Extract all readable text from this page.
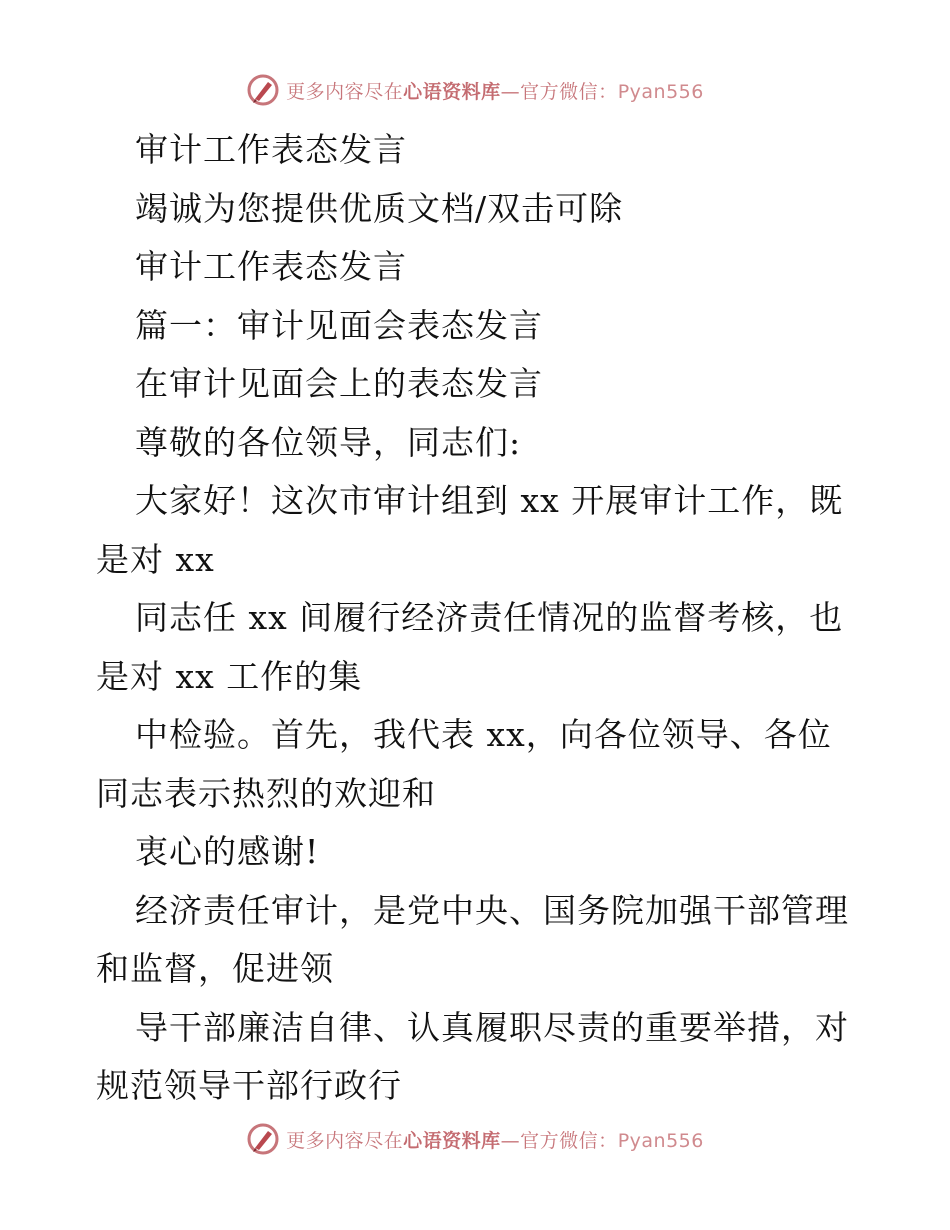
更多内容尽在心语资料库—官方微信：Pyan556
审计工作表态发言
竭诚为您提供优质文档/双击可除
审计工作表态发言
篇一：审计见面会表态发言
在审计见面会上的表态发言
尊敬的各位领导，同志们:
大家好！这次市审计组到 xx 开展审计工作，既
是对 xx
同志任 xx 间履行经济责任情况的监督考核，也
是对 xx 工作的集
中检验。首先，我代表 xx，向各位领导、各位
同志表示热烈的欢迎和
衷心的感谢!
经济责任审计，是党中央、国务院加强干部管理
和监督，促进领
导干部廉洁自律、认真履职尽责的重要举措，对
规范领导干部行政行
更多内容尽在心语资料库—官方微信：Pyan556
